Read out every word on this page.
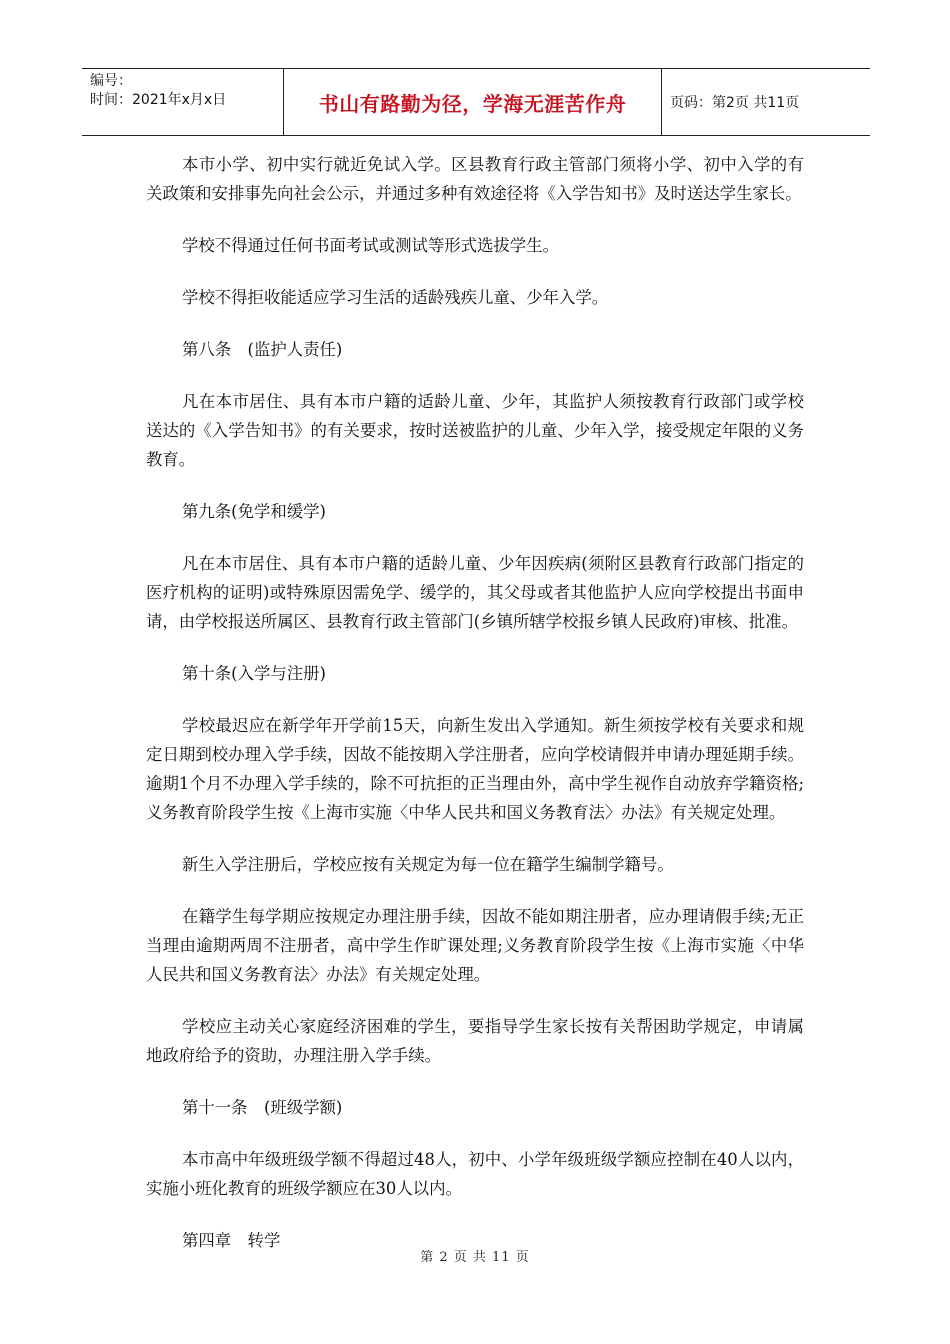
编号：
时间：2021年x月x日	书山有路勤为径，学海无涯苦作舟	页码：第2页 共11页

本市小学、初中实行就近免试入学。区县教育行政主管部门须将小学、初中入学的有关政策和安排事先向社会公示，并通过多种有效途径将《入学告知书》及时送达学生家长。

学校不得通过任何书面考试或测试等形式选拔学生。

学校不得拒收能适应学习生活的适龄残疾儿童、少年入学。

第八条　(监护人责任)

凡在本市居住、具有本市户籍的适龄儿童、少年，其监护人须按教育行政部门或学校送达的《入学告知书》的有关要求，按时送被监护的儿童、少年入学，接受规定年限的义务教育。

第九条(免学和缓学)

凡在本市居住、具有本市户籍的适龄儿童、少年因疾病(须附区县教育行政部门指定的医疗机构的证明)或特殊原因需免学、缓学的，其父母或者其他监护人应向学校提出书面申请，由学校报送所属区、县教育行政主管部门(乡镇所辖学校报乡镇人民政府)审核、批准。

第十条(入学与注册)

学校最迟应在新学年开学前15天，向新生发出入学通知。新生须按学校有关要求和规定日期到校办理入学手续，因故不能按期入学注册者，应向学校请假并申请办理延期手续。逾期1个月不办理入学手续的，除不可抗拒的正当理由外，高中学生视作自动放弃学籍资格;义务教育阶段学生按《上海市实施〈中华人民共和国义务教育法〉办法》有关规定处理。

新生入学注册后，学校应按有关规定为每一位在籍学生编制学籍号。

在籍学生每学期应按规定办理注册手续，因故不能如期注册者，应办理请假手续;无正当理由逾期两周不注册者，高中学生作旷课处理;义务教育阶段学生按《上海市实施〈中华人民共和国义务教育法〉办法》有关规定处理。

学校应主动关心家庭经济困难的学生，要指导学生家长按有关帮困助学规定，申请属地政府给予的资助，办理注册入学手续。

第十一条　(班级学额)

本市高中年级班级学额不得超过48人，初中、小学年级班级学额应控制在40人以内，实施小班化教育的班级学额应在30人以内。

第四章　转学

第 2 页 共 11 页
